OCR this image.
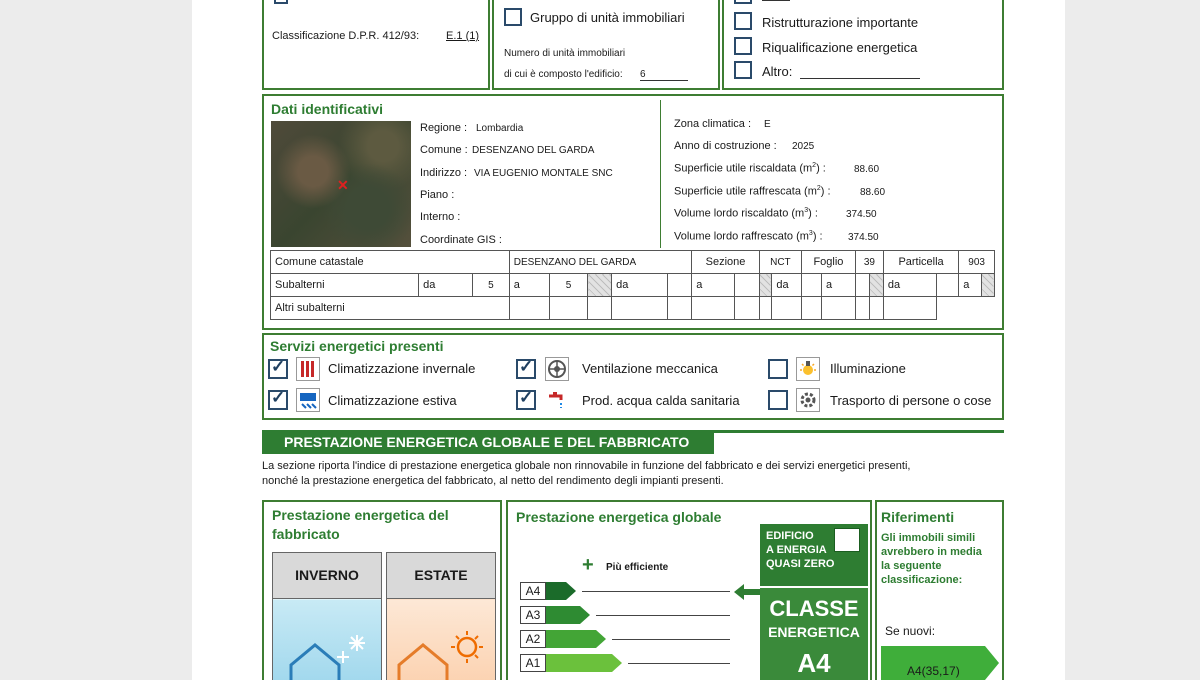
Classificazione D.P.R. 412/93: E.1 (1)
Gruppo di unità immobiliari
Numero di unità immobiliari
di cui è composto l'edificio: 6
Ristrutturazione importante
Riqualificazione energetica
Altro:
Dati identificativi
✕
Regione : Lombardia
Comune : DESENZANO DEL GARDA
Indirizzo : VIA EUGENIO MONTALE SNC
Piano :
Interno :
Coordinate GIS :
Zona climatica : E
Anno di costruzione : 2025
Superficie utile riscaldata $(m^2)$ :	88.60
Superficie utile raffrescata $(m^2)$ :	88.60
Volume lordo riscaldato $(m^3)$ :	374.50
Volume lordo raffrescato $(m^3)$ :	374.50
Comune catastale			DESENZANO DEL GARDA					Sezione		NCT		Foglio		39		Particella		903	
Subalterni	da	5	a	5		da		a			da		a			da		a	
Altri subalterni																			
Servizi energetici presenti
✓
Climatizzazione invernale
✓
Climatizzazione estiva
✓
Ventilazione meccanica
✓
Prod. acqua calda sanitaria
Illuminazione
Trasporto di persone o cose
PRESTAZIONE ENERGETICA GLOBALE E DEL FABBRICATO
La sezione riporta l'indice di prestazione energetica globale non rinnovabile in funzione del fabbricato e dei servizi energetici presenti,
nonché la prestazione energetica del fabbricato, al netto del rendimento degli impianti presenti.
Prestazione energetica del
fabbricato
INVERNO	ESTATE
Prestazione energetica globale
+ Più efficiente
A4
A3
A2
A1
EDIFICIO
A ENERGIA
QUASI ZERO
CLASSE
ENERGETICA
A4
Riferimenti
Gli immobili simili
avrebbero in media
la seguente
classificazione:
Se nuovi:
A4(35,17)
